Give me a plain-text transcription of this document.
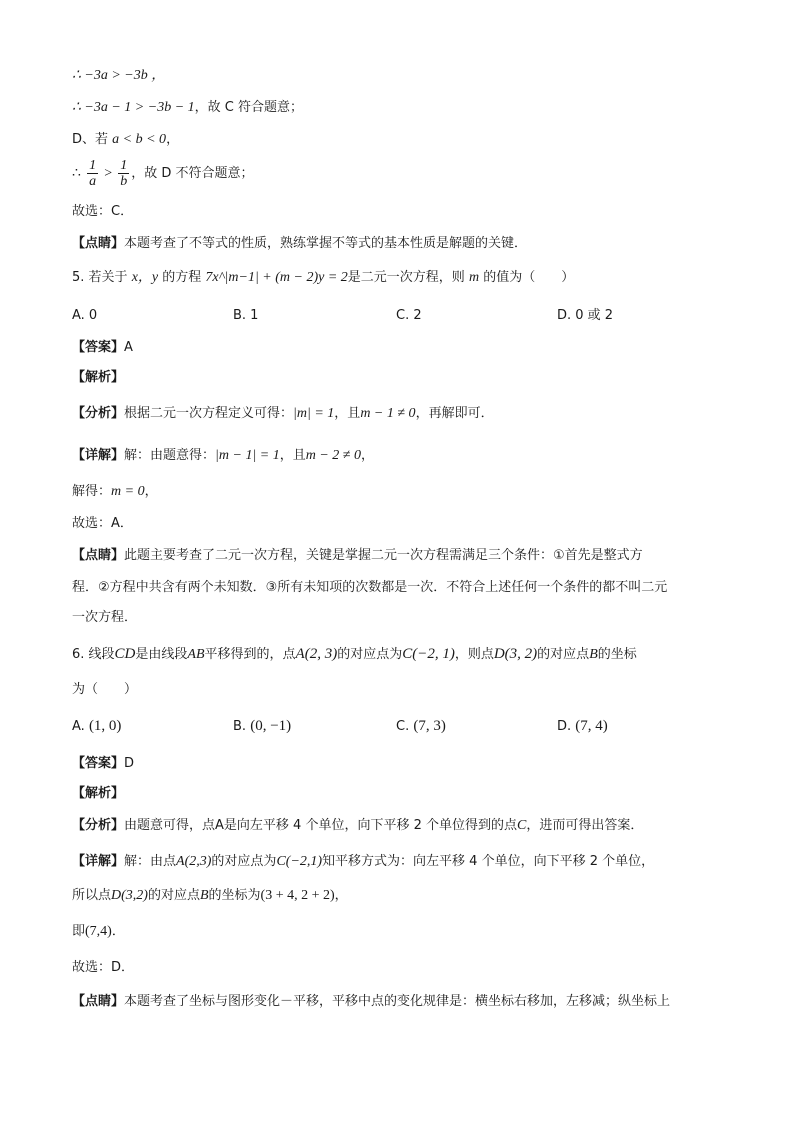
∴ −3a > −3b ，
∴ −3a − 1 > −3b − 1，故 C 符合题意；
D、若 a < b < 0，
∴ $\frac{1}{a} > \frac{1}{b}$ ，故 D 不符合题意；
故选：C．
【点睛】本题考查了不等式的性质，熟练掌握不等式的基本性质是解题的关键．
5. 若关于 x，y 的方程 7x^|m−1| + (m − 2)y = 2是二元一次方程，则 m 的值为（　　）
A. 0	B. 1	C. 2	D. 0 或 2
【答案】A
【解析】
【分析】根据二元一次方程定义可得：|m| = 1，且m − 1 ≠ 0，再解即可．
【详解】解：由题意得：|m − 1| = 1，且m − 2 ≠ 0，
解得：m = 0，
故选：A．
【点睛】此题主要考查了二元一次方程，关键是掌握二元一次方程需满足三个条件：①首先是整式方
程．②方程中共含有两个未知数．③所有未知项的次数都是一次．不符合上述任何一个条件的都不叫二元
一次方程．
6. 线段CD是由线段AB平移得到的，点A(2, 3)的对应点为C(−2, 1)，则点D(3, 2)的对应点B的坐标
为（　　）
A. (1, 0)	B. (0, −1)	C. (7, 3)	D. (7, 4)
【答案】D
【解析】
【分析】由题意可得，点A是向左平移 4 个单位，向下平移 2 个单位得到的点C，进而可得出答案．
【详解】解：由点A(2,3)的对应点为C(−2,1)知平移方式为：向左平移 4 个单位，向下平移 2 个单位，
所以点D(3,2)的对应点B的坐标为(3 + 4, 2 + 2)，
即(7,4)．
故选：D．
【点睛】本题考查了坐标与图形变化－平移，平移中点的变化规律是：横坐标右移加，左移减；纵坐标上
